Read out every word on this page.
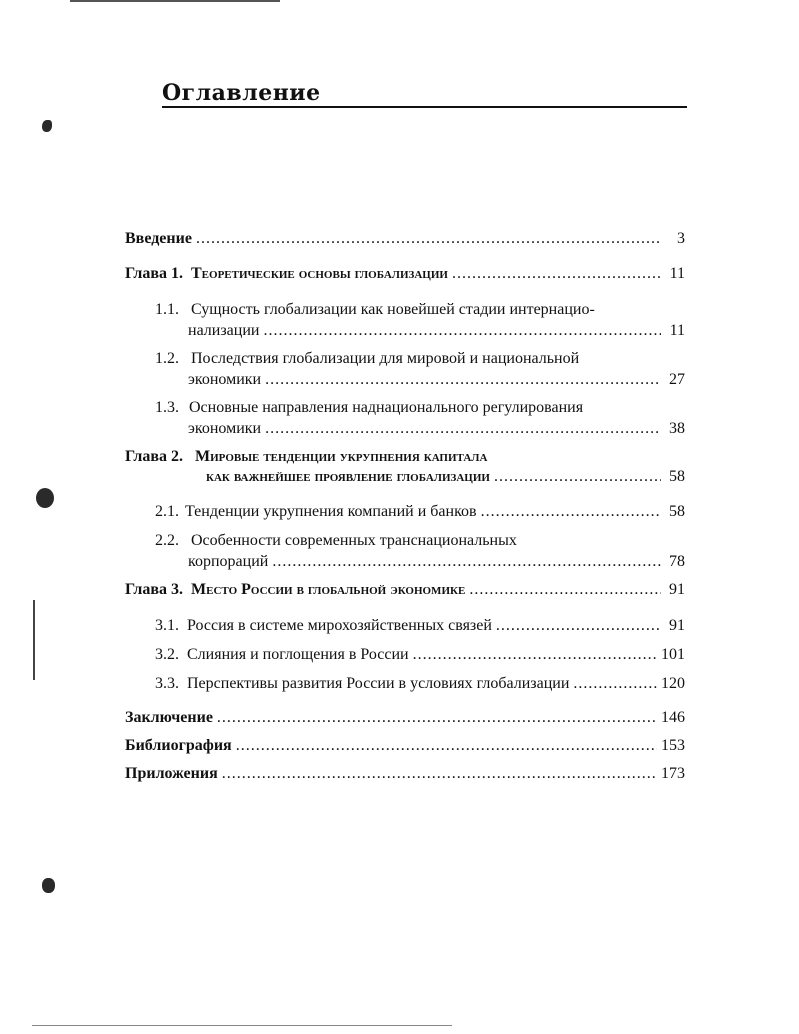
Оглавление
Введение .....	3
Глава 1. Теоретические основы глобализации .....	11
1.1. Сущность глобализации как новейшей стадии интернацио-
нализации .....	11
1.2. Последствия глобализации для мировой и национальной
экономики .....	27
1.3. Основные направления наднационального регулирования
экономики .....	38
Глава 2. Мировые тенденции укрупнения капитала
как важнейшее проявление глобализации .....	58
2.1. Тенденции укрупнения компаний и банков .....	58
2.2. Особенности современных транснациональных
корпораций .....	78
Глава 3. Место России в глобальной экономике .....	91
3.1. Россия в системе мирохозяйственных связей .....	91
3.2. Слияния и поглощения в России .....	101
3.3. Перспективы развития России в условиях глобализации .....	120
Заключение .....	146
Библиография .....	153
Приложения .....	173
